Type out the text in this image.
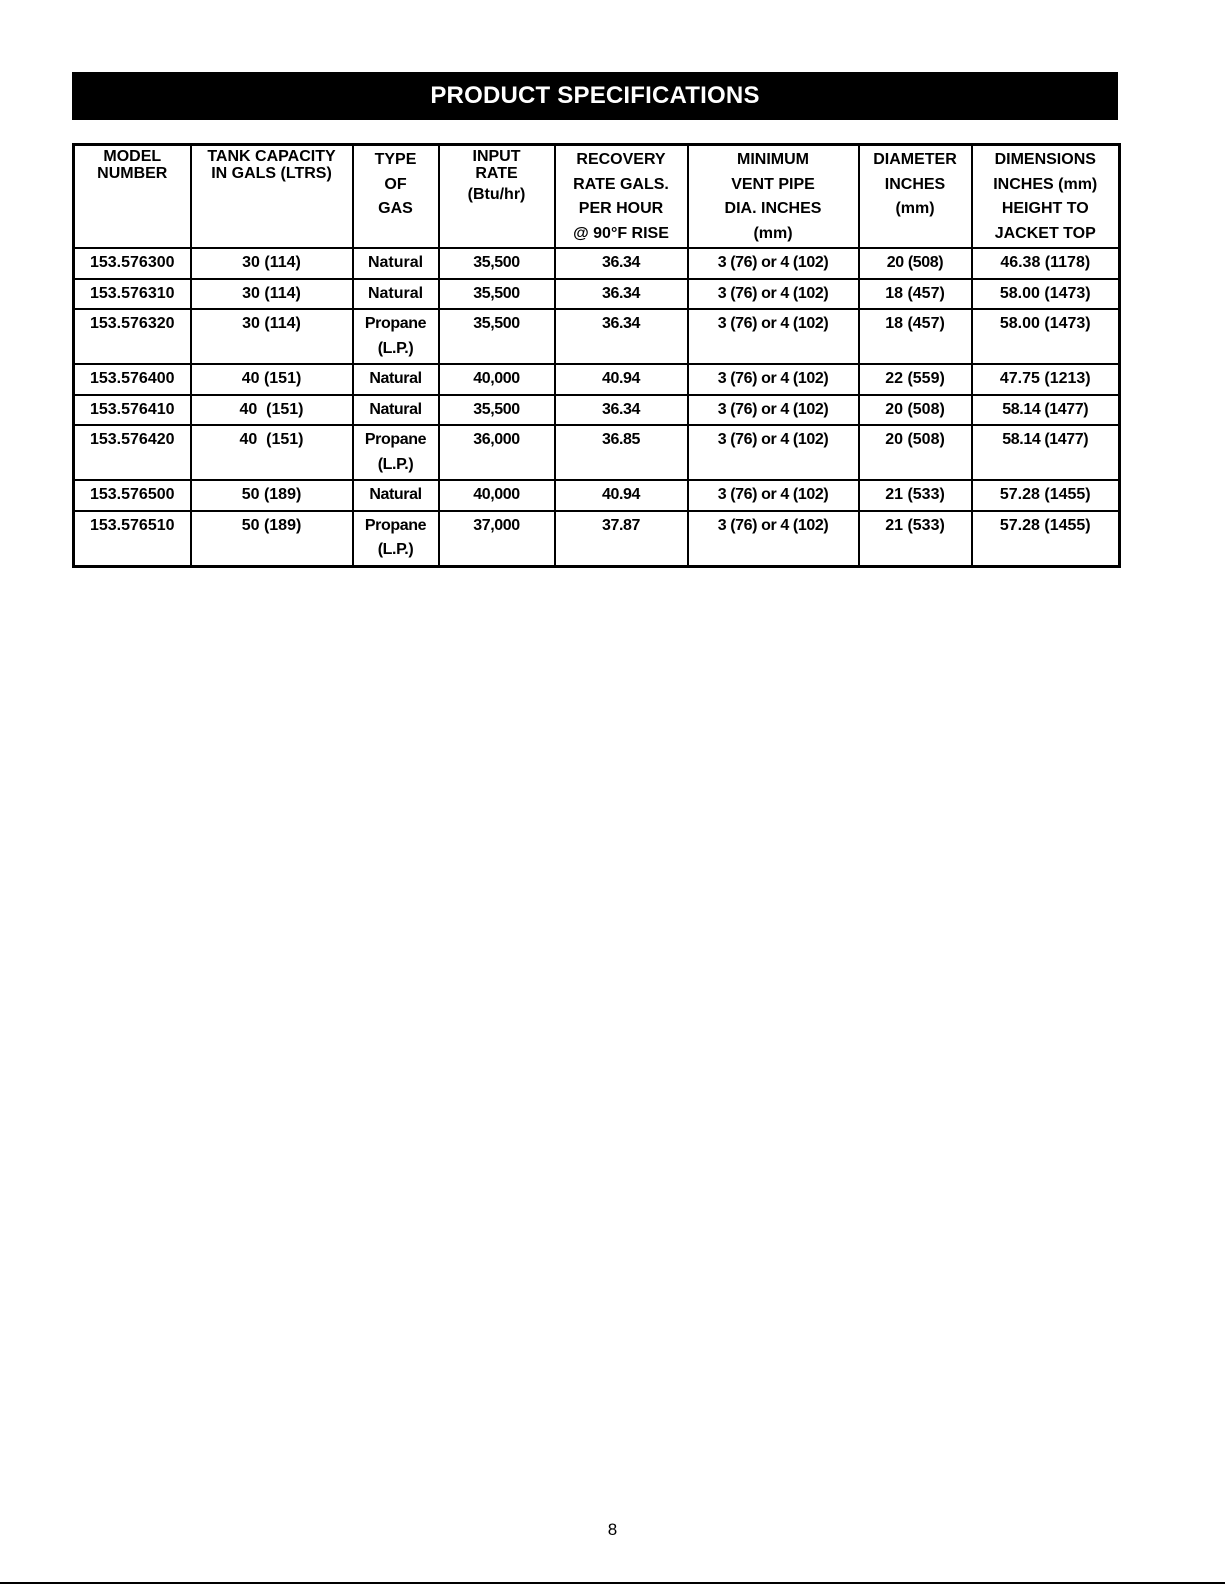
PRODUCT SPECIFICATIONS
MODEL
NUMBER	TANK CAPACITY
IN GALS (LTRS)	TYPE
OF
GAS	INPUT
RATE
(Btu/hr)	RECOVERY
RATE GALS.
PER HOUR
@ 90°F RISE	MINIMUM
VENT PIPE
DIA. INCHES
(mm)	DIAMETER
INCHES
(mm)	DIMENSIONS
INCHES (mm)
HEIGHT TO
JACKET TOP

153.576300	30 (114)	Natural	35,500	36.34	3 (76) or 4 (102)	20 (508)	46.38 (1178)
153.576310	30 (114)	Natural	35,500	36.34	3 (76) or 4 (102)	18 (457)	58.00 (1473)
153.576320	30 (114)	Propane
(L.P.)	35,500	36.34	3 (76) or 4 (102)	18 (457)	58.00 (1473)
153.576400	40 (151)	Natural	40,000	40.94	3 (76) or 4 (102)	22 (559)	47.75 (1213)
153.576410	40  (151)	Natural	35,500	36.34	3 (76) or 4 (102)	20 (508)	58.14 (1477)
153.576420	40  (151)	Propane
(L.P.)	36,000	36.85	3 (76) or 4 (102)	20 (508)	58.14 (1477)
153.576500	50 (189)	Natural	40,000	40.94	3 (76) or 4 (102)	21 (533)	57.28 (1455)
153.576510	50 (189)	Propane
(L.P.)	37,000	37.87	3 (76) or 4 (102)	21 (533)	57.28 (1455)
8
